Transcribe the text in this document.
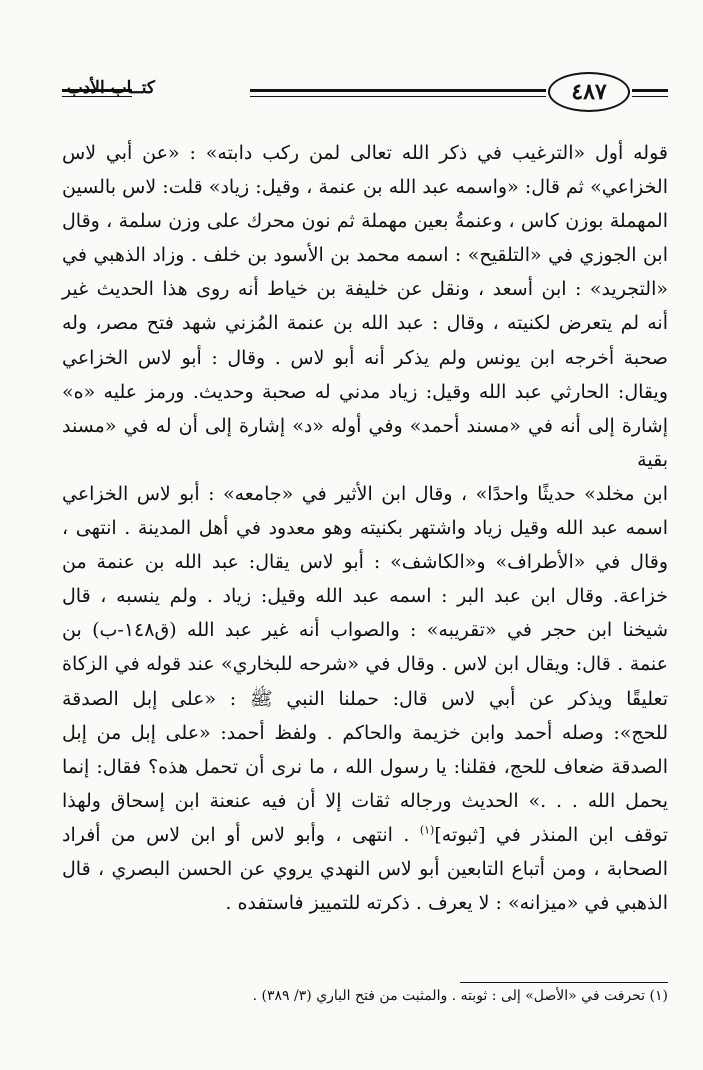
كتــاب الأدب	٤٨٧

قوله أول «الترغيب في ذكر الله تعالى لمن ركب دابته» : «عن أبي لاس

الخزاعي» ثم قال: «واسمه عبد الله بن عنمة ، وقيل: زياد» قلت: لاس بالسين

المهملة بوزن كاس ، وعنمةُ بعين مهملة ثم نون محرك على وزن سلمة ، وقال

ابن الجوزي في «التلقيح» : اسمه محمد بن الأسود بن خلف . وزاد الذهبي في

«التجريد» : ابن أسعد ، ونقل عن خليفة بن خياط أنه روى هذا الحديث غير

أنه لم يتعرض لكنيته ، وقال : عبد الله بن عنمة المُزني شهد فتح مصر، وله

صحبة أخرجه ابن يونس ولم يذكر أنه أبو لاس . وقال : أبو لاس الخزاعي

ويقال: الحارثي عبد الله وقيل: زياد مدني له صحبة وحديث. ورمز عليه «ه»

إشارة إلى أنه في «مسند أحمد» وفي أوله «د» إشارة إلى أن له في «مسند بقية

ابن مخلد» حديثًا واحدًا» ، وقال ابن الأثير في «جامعه» : أبو لاس الخزاعي

اسمه عبد الله وقيل زياد واشتهر بكنيته وهو معدود في أهل المدينة . انتهى ،

وقال في «الأطراف» و«الكاشف» : أبو لاس يقال: عبد الله بن عنمة من

خزاعة. وقال ابن عبد البر : اسمه عبد الله وقيل: زياد . ولم ينسبه ، قال

شيخنا ابن حجر في «تقريبه» : والصواب أنه غير عبد الله (ق١٤٨-ب) بن

عنمة . قال: ويقال ابن لاس . وقال في «شرحه للبخاري» عند قوله في الزكاة

تعليقًا ويذكر عن أبي لاس قال: حملنا النبي ﷺ : «على إبل الصدقة

للحج»: وصله أحمد وابن خزيمة والحاكم . ولفظ أحمد: «على إبل من إبل

الصدقة ضعاف للحج، فقلنا: يا رسول الله ، ما نرى أن تحمل هذه؟ فقال: إنما

يحمل الله . . .» الحديث ورجاله ثقات إلا أن فيه عنعنة ابن إسحاق ولهذا

توقف ابن المنذر في [ثبوته]$^{(١)}$ . انتهى ، وأبو لاس أو ابن لاس من أفراد

الصحابة ، ومن أتباع التابعين أبو لاس النهدي يروي عن الحسن البصري ، قال

الذهبي في «ميزانه» : لا يعرف . ذكرته للتمييز فاستفده .

(١) تحرفت في «الأصل» إلى : ثوبته . والمثبت من فتح الباري (٣/ ٣٨٩) .
